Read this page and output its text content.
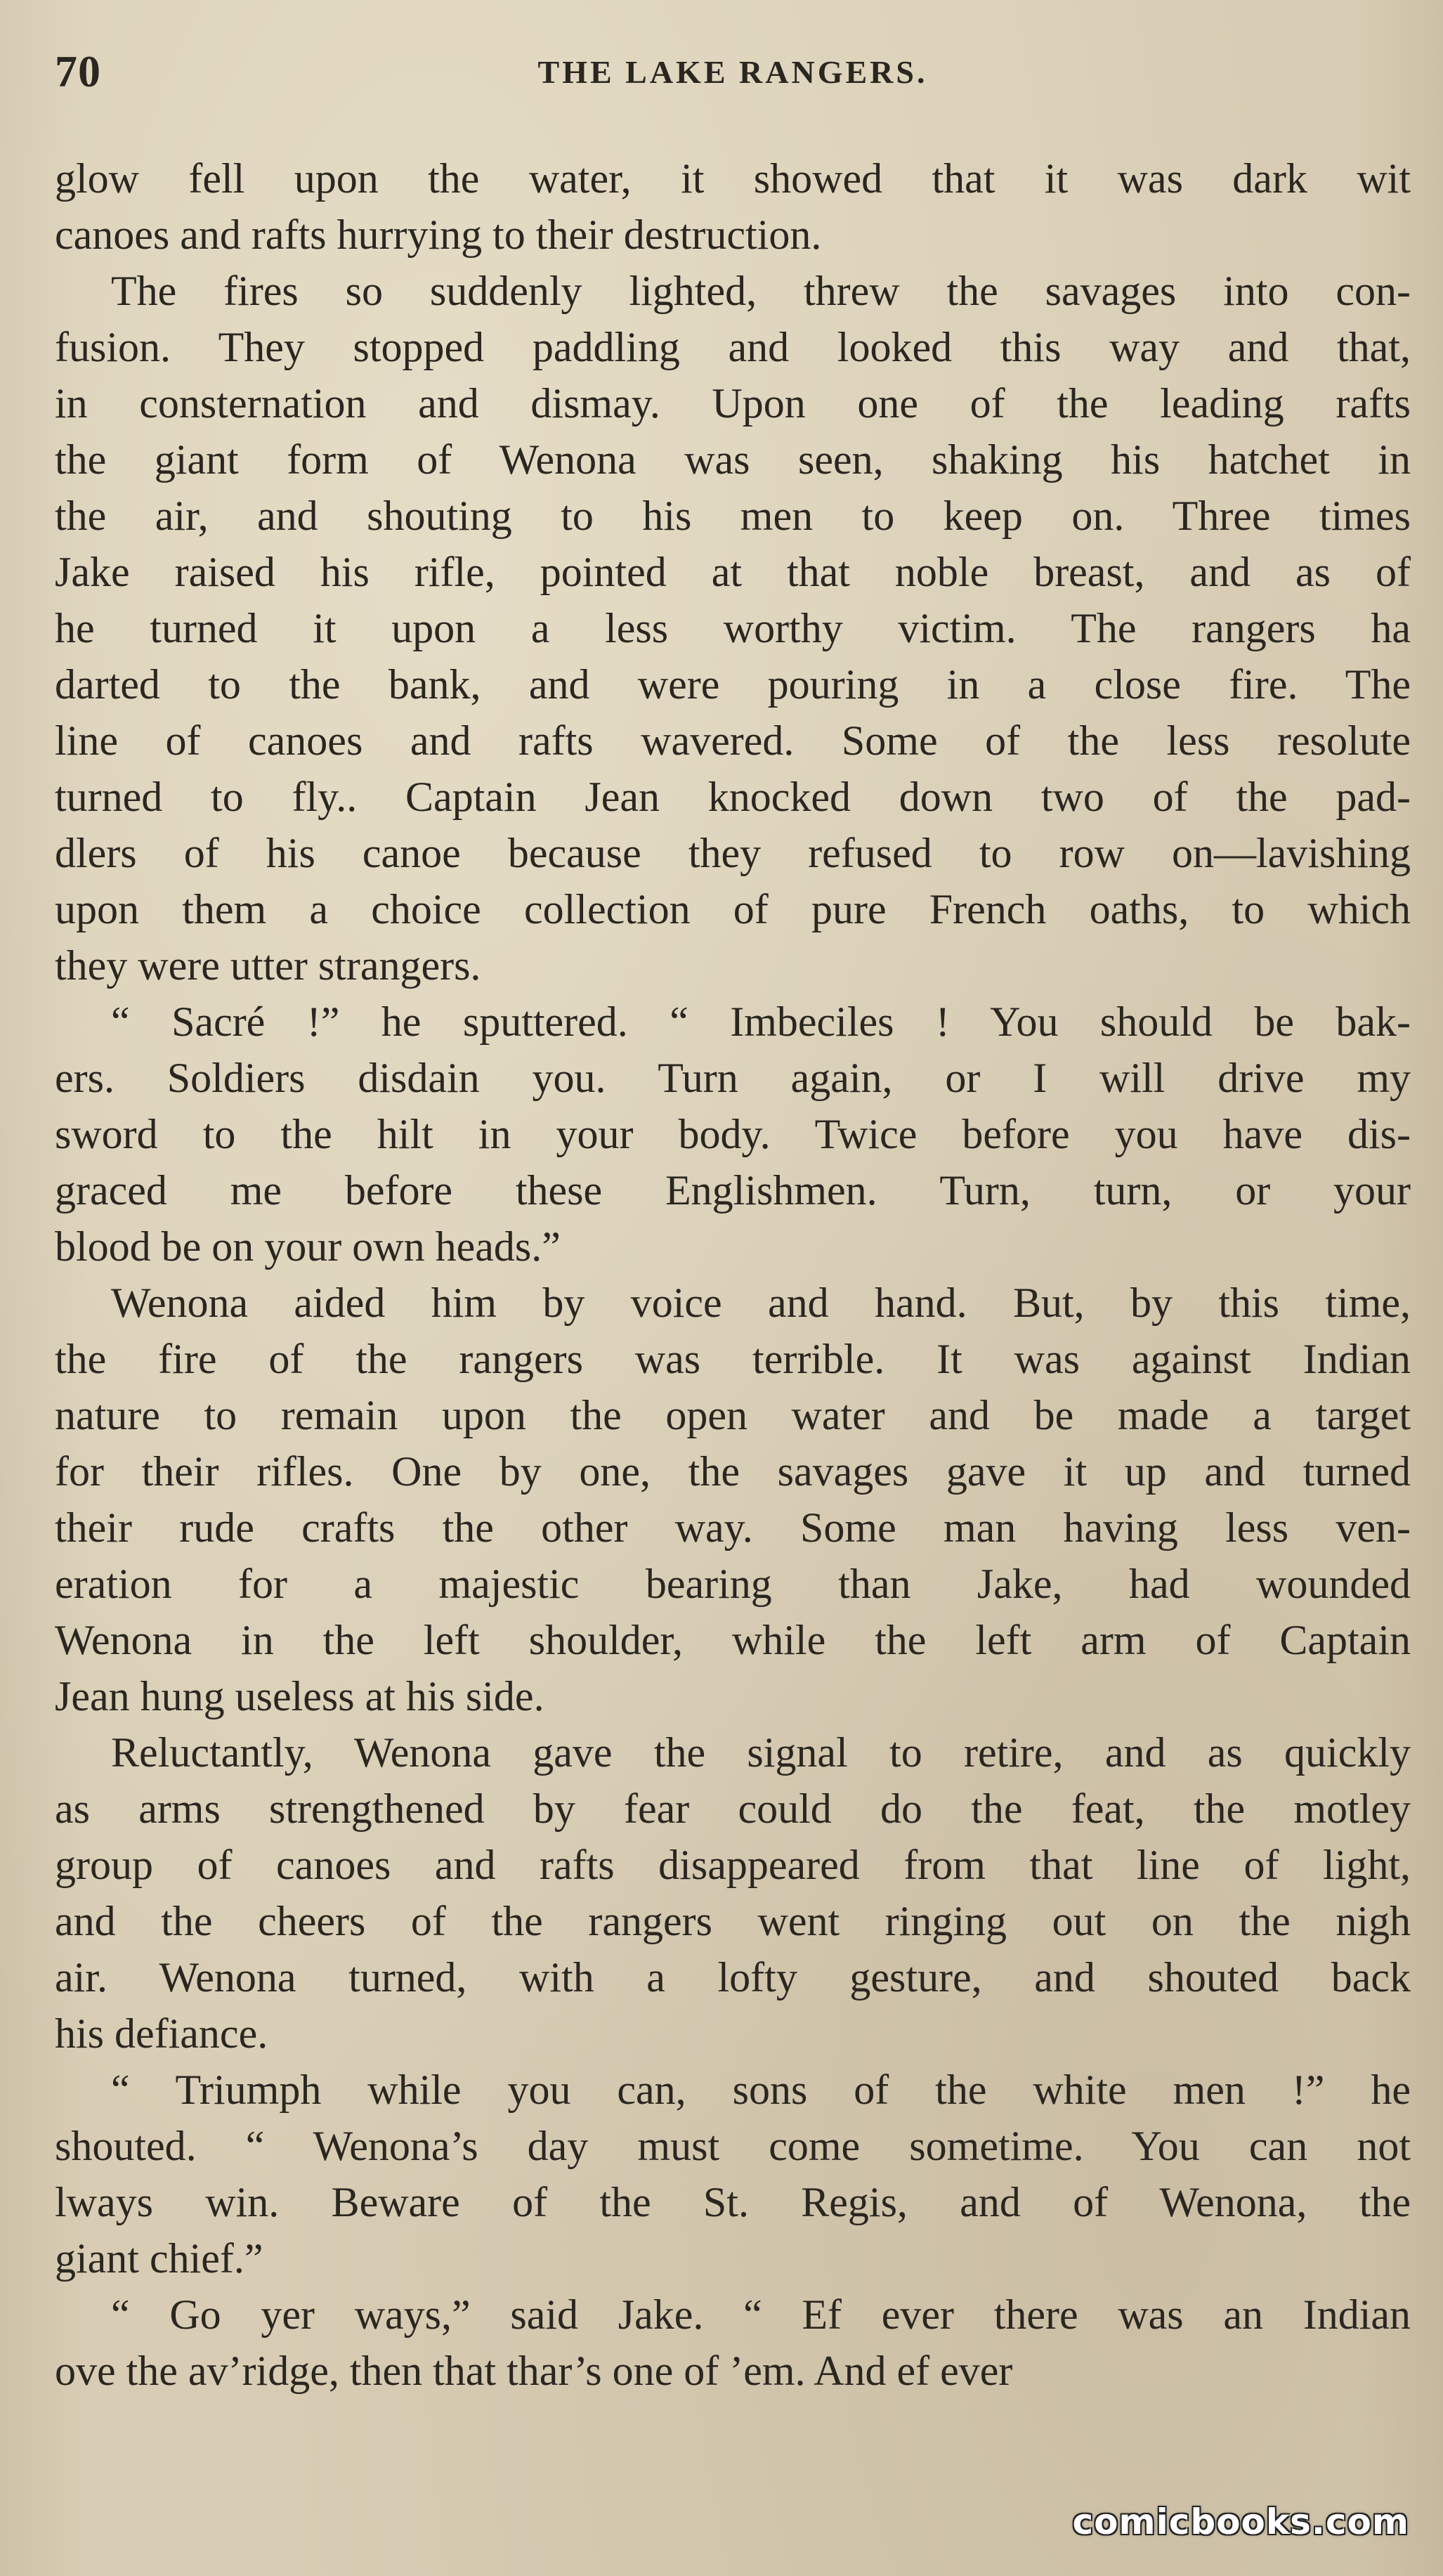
70	THE LAKE RANGERS.
glow fell upon the water, it showed that it was dark wit
canoes and rafts hurrying to their destruction.
The fires so suddenly lighted, threw the savages into con-
fusion. They stopped paddling and looked this way and that,
in consternation and dismay. Upon one of the leading rafts
the giant form of Wenona was seen, shaking his hatchet in
the air, and shouting to his men to keep on. Three times
Jake raised his rifle, pointed at that noble breast, and as of
he turned it upon a less worthy victim. The rangers ha
darted to the bank, and were pouring in a close fire. The
line of canoes and rafts wavered. Some of the less resolute
turned to fly.. Captain Jean knocked down two of the pad-
dlers of his canoe because they refused to row on—lavishing
upon them a choice collection of pure French oaths, to which
they were utter strangers.
“ Sacré !” he sputtered. “ Imbeciles ! You should be bak-
ers. Soldiers disdain you. Turn again, or I will drive my
sword to the hilt in your body. Twice before you have dis-
graced me before these Englishmen. Turn, turn, or your
blood be on your own heads.”
Wenona aided him by voice and hand. But, by this time,
the fire of the rangers was terrible. It was against Indian
nature to remain upon the open water and be made a target
for their rifles. One by one, the savages gave it up and turned
their rude crafts the other way. Some man having less ven-
eration for a majestic bearing than Jake, had wounded
Wenona in the left shoulder, while the left arm of Captain
Jean hung useless at his side.
Reluctantly, Wenona gave the signal to retire, and as quickly
as arms strengthened by fear could do the feat, the motley
group of canoes and rafts disappeared from that line of light,
and the cheers of the rangers went ringing out on the nigh
air. Wenona turned, with a lofty gesture, and shouted back
his defiance.
“ Triumph while you can, sons of the white men !” he
shouted. “ Wenona’s day must come sometime. You can not
lways win. Beware of the St. Regis, and of Wenona, the
giant chief.”
“ Go yer ways,” said Jake. “ Ef ever there was an Indian
ove the av’ridge, then that thar’s one of ’em. And ef ever
comicbooks.com
